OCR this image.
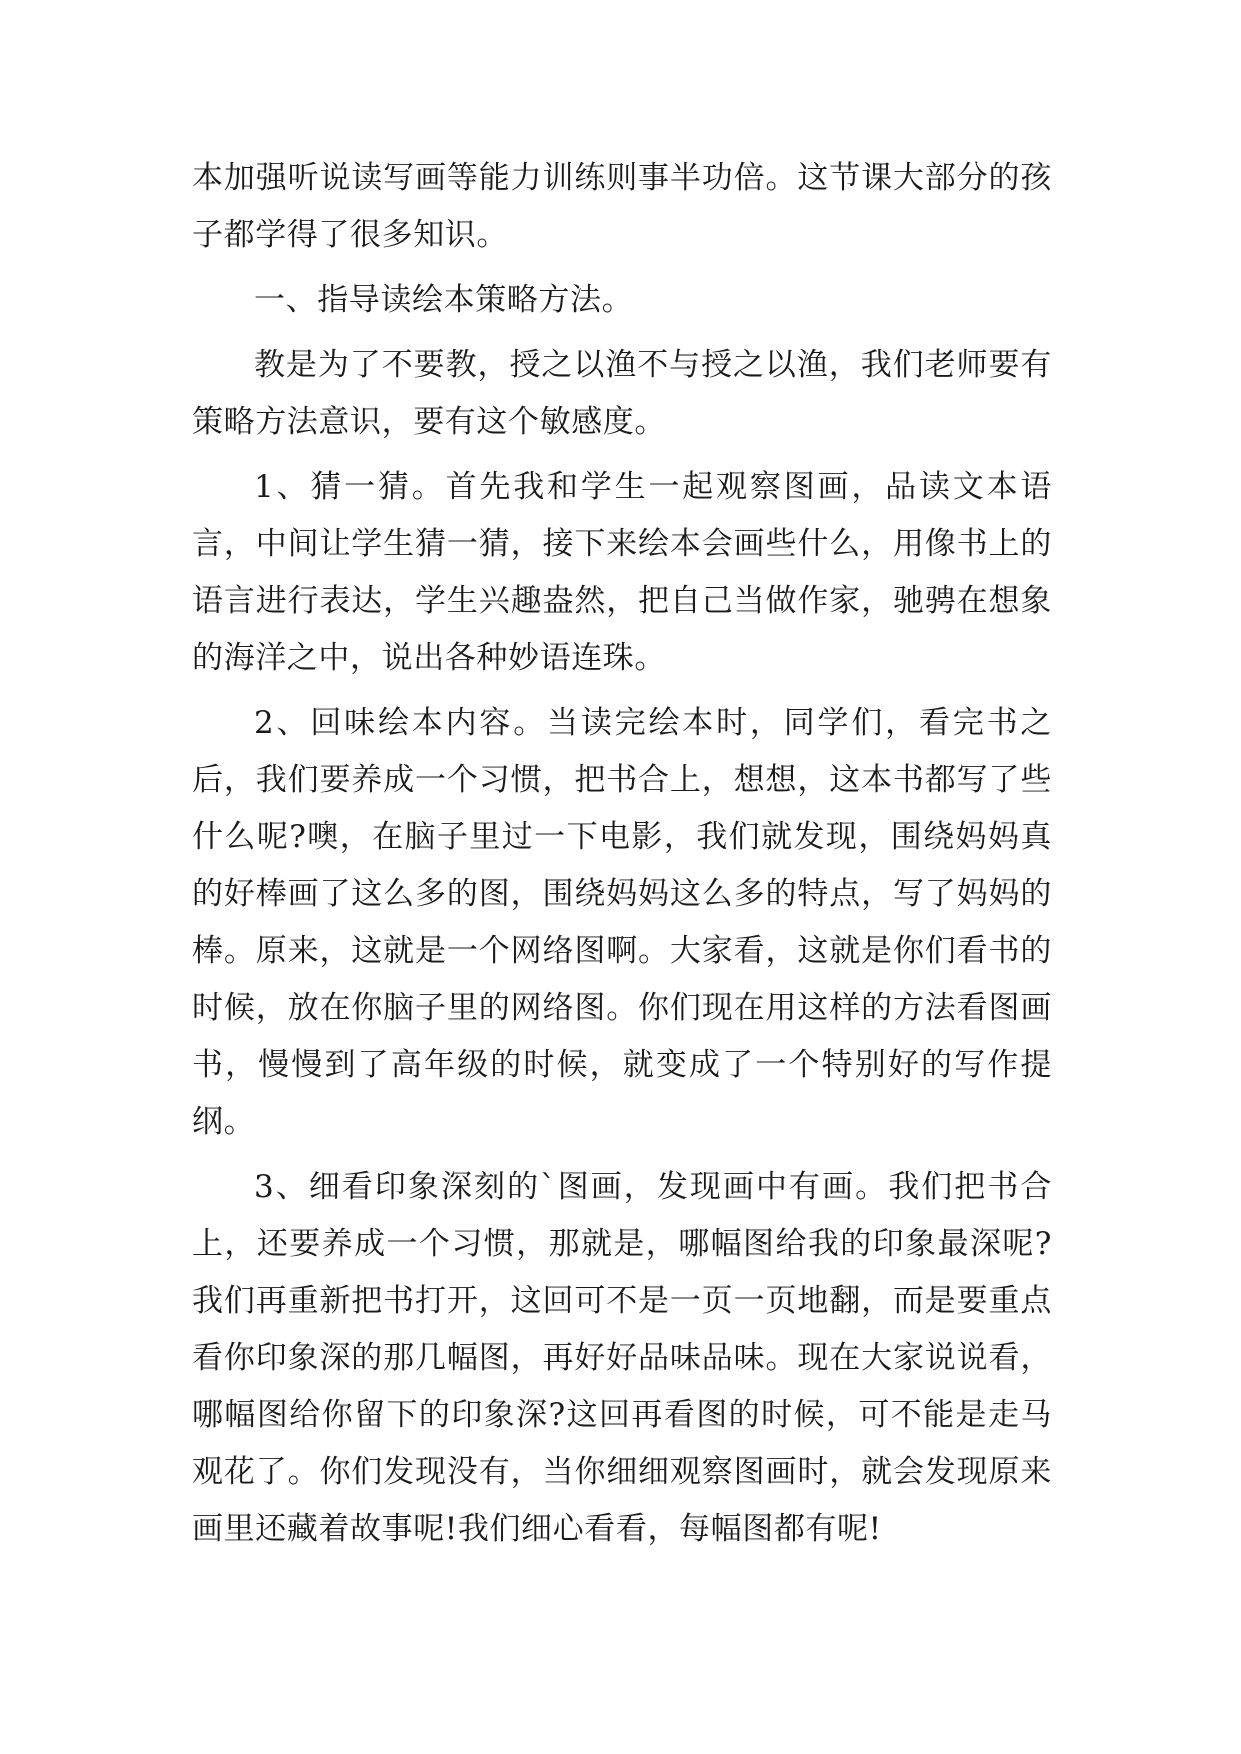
本加强听说读写画等能力训练则事半功倍。这节课大部分的孩子都学得了很多知识。

一、指导读绘本策略方法。

教是为了不要教，授之以渔不与授之以渔，我们老师要有策略方法意识，要有这个敏感度。

1、猜一猜。首先我和学生一起观察图画，品读文本语言，中间让学生猜一猜，接下来绘本会画些什么，用像书上的语言进行表达，学生兴趣盎然，把自己当做作家，驰骋在想象的海洋之中，说出各种妙语连珠。

2、回味绘本内容。当读完绘本时，同学们，看完书之后，我们要养成一个习惯，把书合上，想想，这本书都写了些什么呢?噢，在脑子里过一下电影，我们就发现，围绕妈妈真的好棒画了这么多的图，围绕妈妈这么多的特点，写了妈妈的棒。原来，这就是一个网络图啊。大家看，这就是你们看书的时候，放在你脑子里的网络图。你们现在用这样的方法看图画书，慢慢到了高年级的时候，就变成了一个特别好的写作提纲。

3、细看印象深刻的`图画，发现画中有画。我们把书合上，还要养成一个习惯，那就是，哪幅图给我的印象最深呢?我们再重新把书打开，这回可不是一页一页地翻，而是要重点看你印象深的那几幅图，再好好品味品味。现在大家说说看，哪幅图给你留下的印象深?这回再看图的时候，可不能是走马观花了。你们发现没有，当你细细观察图画时，就会发现原来画里还藏着故事呢!我们细心看看，每幅图都有呢!
